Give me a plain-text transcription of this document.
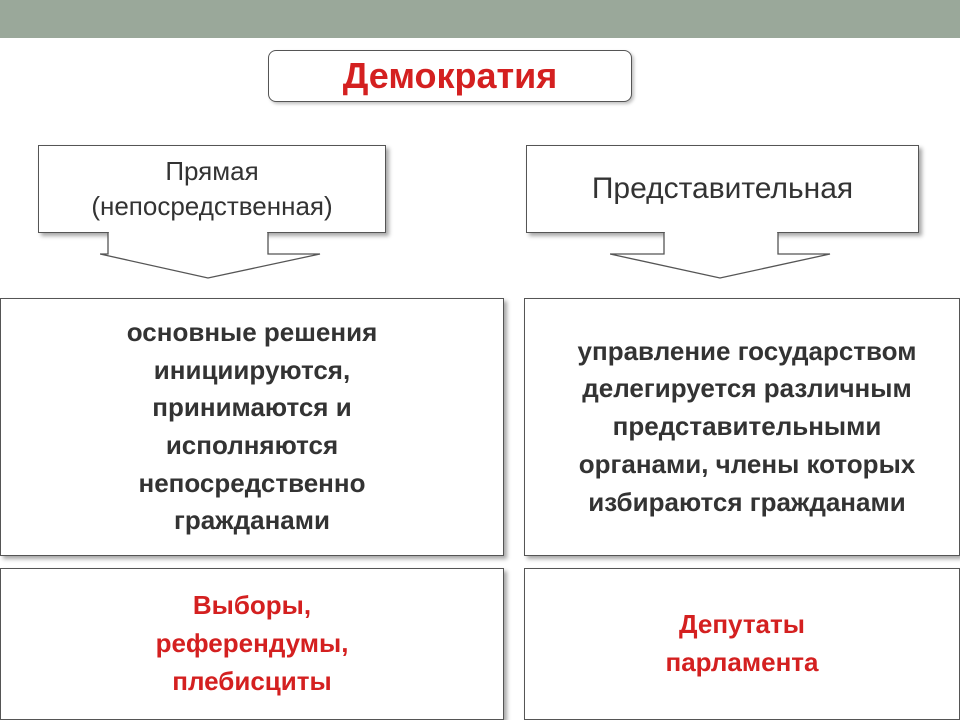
Демократия
Прямая
(непосредственная)
Представительная
основные решения
инициируются,
принимаются и
исполняются
непосредственно
гражданами
управление государством
делегируется различным
представительными
органами, члены которых
избираются гражданами
Выборы,
референдумы,
плебисциты
Депутаты
парламента
